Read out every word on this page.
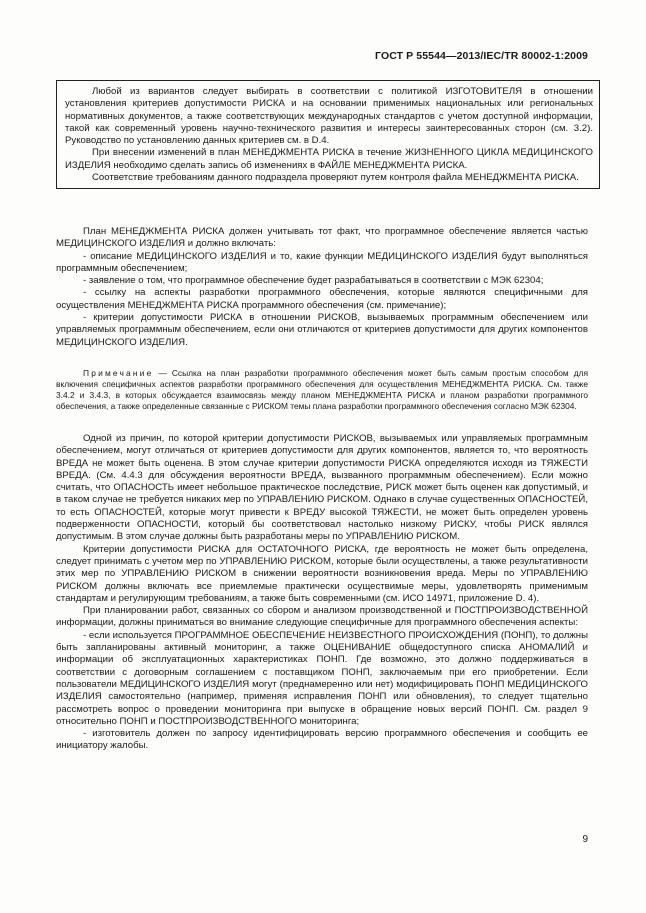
ГОСТ Р 55544—2013/IEC/TR 80002-1:2009

Любой из вариантов следует выбирать в соответствии с политикой ИЗГОТОВИТЕЛЯ в отношении установления критериев допустимости РИСКА и на основании применимых национальных или региональных нормативных документов, а также соответствующих международных стандартов с учетом доступной информации, такой как современный уровень научно-технического развития и интересы заинтересованных сторон (см. 3.2). Руководство по установлению данных критериев см. в D.4.

При внесении изменений в план МЕНЕДЖМЕНТА РИСКА в течение ЖИЗНЕННОГО ЦИКЛА МЕДИЦИНСКОГО ИЗДЕЛИЯ необходимо сделать запись об изменениях в ФАЙЛЕ МЕНЕДЖМЕНТА РИСКА.

Соответствие требованиям данного подраздела проверяют путем контроля файла МЕНЕДЖМЕНТА РИСКА.

План МЕНЕДЖМЕНТА РИСКА должен учитывать тот факт, что программное обеспечение является частью МЕДИЦИНСКОГО ИЗДЕЛИЯ и должно включать:

- описание МЕДИЦИНСКОГО ИЗДЕЛИЯ и то, какие функции МЕДИЦИНСКОГО ИЗДЕЛИЯ будут выполняться программным обеспечением;

- заявление о том, что программное обеспечение будет разрабатываться в соответствии с МЭК 62304;

- ссылку на аспекты разработки программного обеспечения, которые являются специфичными для осуществления МЕНЕДЖМЕНТА РИСКА программного обеспечения (см. примечание);

- критерии допустимости РИСКА в отношении РИСКОВ, вызываемых программным обеспечением или управляемых программным обеспечением, если они отличаются от критериев допустимости для других компонентов МЕДИЦИНСКОГО ИЗДЕЛИЯ.

Примечание — Ссылка на план разработки программного обеспечения может быть самым простым способом для включения специфичных аспектов разработки программного обеспечения для осуществления МЕНЕДЖМЕНТА РИСКА. См. также 3.4.2 и 3.4.3, в которых обсуждается взаимосвязь между планом МЕНЕДЖМЕНТА РИСКА и планом разработки программного обеспечения, а также определенные связанные с РИСКОМ темы плана разработки программного обеспечения согласно МЭК 62304.

Одной из причин, по которой критерии допустимости РИСКОВ, вызываемых или управляемых программным обеспечением, могут отличаться от критериев допустимости для других компонентов, является то, что вероятность ВРЕДА не может быть оценена. В этом случае критерии допустимости РИСКА определяются исходя из ТЯЖЕСТИ ВРЕДА. (См. 4.4.3 для обсуждения вероятности ВРЕДА, вызванного программным обеспечением). Если можно считать, что ОПАСНОСТЬ имеет небольшое практическое последствие, РИСК может быть оценен как допустимый, и в таком случае не требуется никаких мер по УПРАВЛЕНИЮ РИСКОМ. Однако в случае существенных ОПАСНОСТЕЙ, то есть ОПАСНОСТЕЙ, которые могут привести к ВРЕДУ высокой ТЯЖЕСТИ, не может быть определен уровень подверженности ОПАСНОСТИ, который бы соответствовал настолько низкому РИСКУ, чтобы РИСК являлся допустимым. В этом случае должны быть разработаны меры по УПРАВЛЕНИЮ РИСКОМ.

Критерии допустимости РИСКА для ОСТАТОЧНОГО РИСКА, где вероятность не может быть определена, следует принимать с учетом мер по УПРАВЛЕНИЮ РИСКОМ, которые были осуществлены, а также результативности этих мер по УПРАВЛЕНИЮ РИСКОМ в снижении вероятности возникновения вреда. Меры по УПРАВЛЕНИЮ РИСКОМ должны включать все приемлемые практически осуществимые меры, удовлетворять применимым стандартам и регулирующим требованиям, а также быть современными (см. ИСО 14971, приложение D. 4).

При планировании работ, связанных со сбором и анализом производственной и ПОСТПРОИЗВОДСТВЕННОЙ информации, должны приниматься во внимание следующие специфичные для программного обеспечения аспекты:

- если используется ПРОГРАММНОЕ ОБЕСПЕЧЕНИЕ НЕИЗВЕСТНОГО ПРОИСХОЖДЕНИЯ (ПОНП), то должны быть запланированы активный мониторинг, а также ОЦЕНИВАНИЕ общедоступного списка АНОМАЛИЙ и информации об эксплуатационных характеристиках ПОНП. Где возможно, это должно поддерживаться в соответствии с договорным соглашением с поставщиком ПОНП, заключаемым при его приобретении. Если пользователи МЕДИЦИНСКОГО ИЗДЕЛИЯ могут (преднамеренно или нет) модифицировать ПОНП МЕДИЦИНСКОГО ИЗДЕЛИЯ самостоятельно (например, применяя исправления ПОНП или обновления), то следует тщательно рассмотреть вопрос о проведении мониторинга при выпуске в обращение новых версий ПОНП. См. раздел 9 относительно ПОНП и ПОСТПРОИЗВОДСТВЕННОГО мониторинга;

- изготовитель должен по запросу идентифицировать версию программного обеспечения и сообщить ее инициатору жалобы.

9
